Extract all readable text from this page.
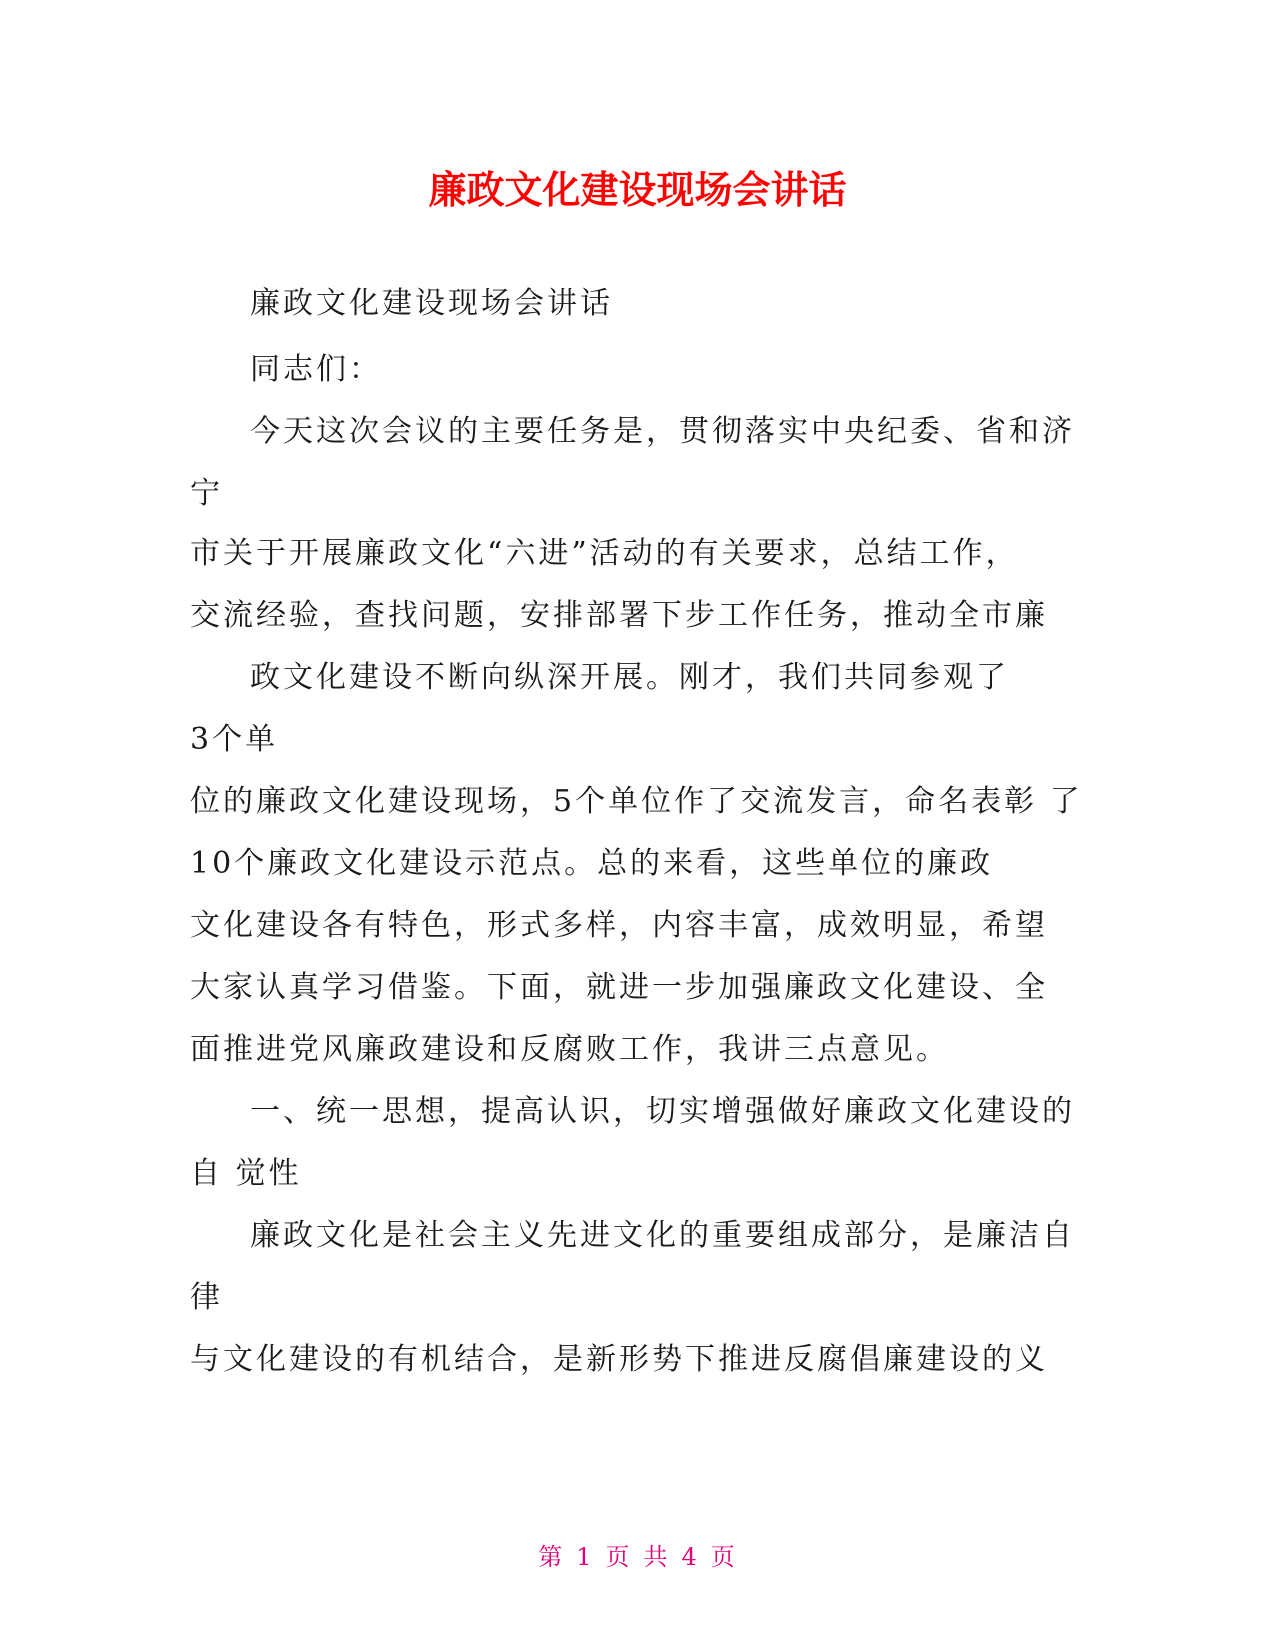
廉政文化建设现场会讲话
廉政文化建设现场会讲话
同志们：
今天这次会议的主要任务是，贯彻落实中央纪委、省和济
宁
市关于开展廉政文化“六进”活动的有关要求，总结工作，
交流经验，查找问题，安排部署下步工作任务，推动全市廉
政文化建设不断向纵深开展。刚才，我们共同参观了
3个单
位的廉政文化建设现场，5个单位作了交流发言，命名表彰 了
10个廉政文化建设示范点。总的来看，这些单位的廉政
文化建设各有特色，形式多样，内容丰富，成效明显，希望
大家认真学习借鉴。下面，就进一步加强廉政文化建设、全
面推进党风廉政建设和反腐败工作，我讲三点意见。
一、统一思想，提高认识，切实增强做好廉政文化建设的
自 觉性
廉政文化是社会主义先进文化的重要组成部分，是廉洁自
律
与文化建设的有机结合，是新形势下推进反腐倡廉建设的义
第 1 页 共 4 页
